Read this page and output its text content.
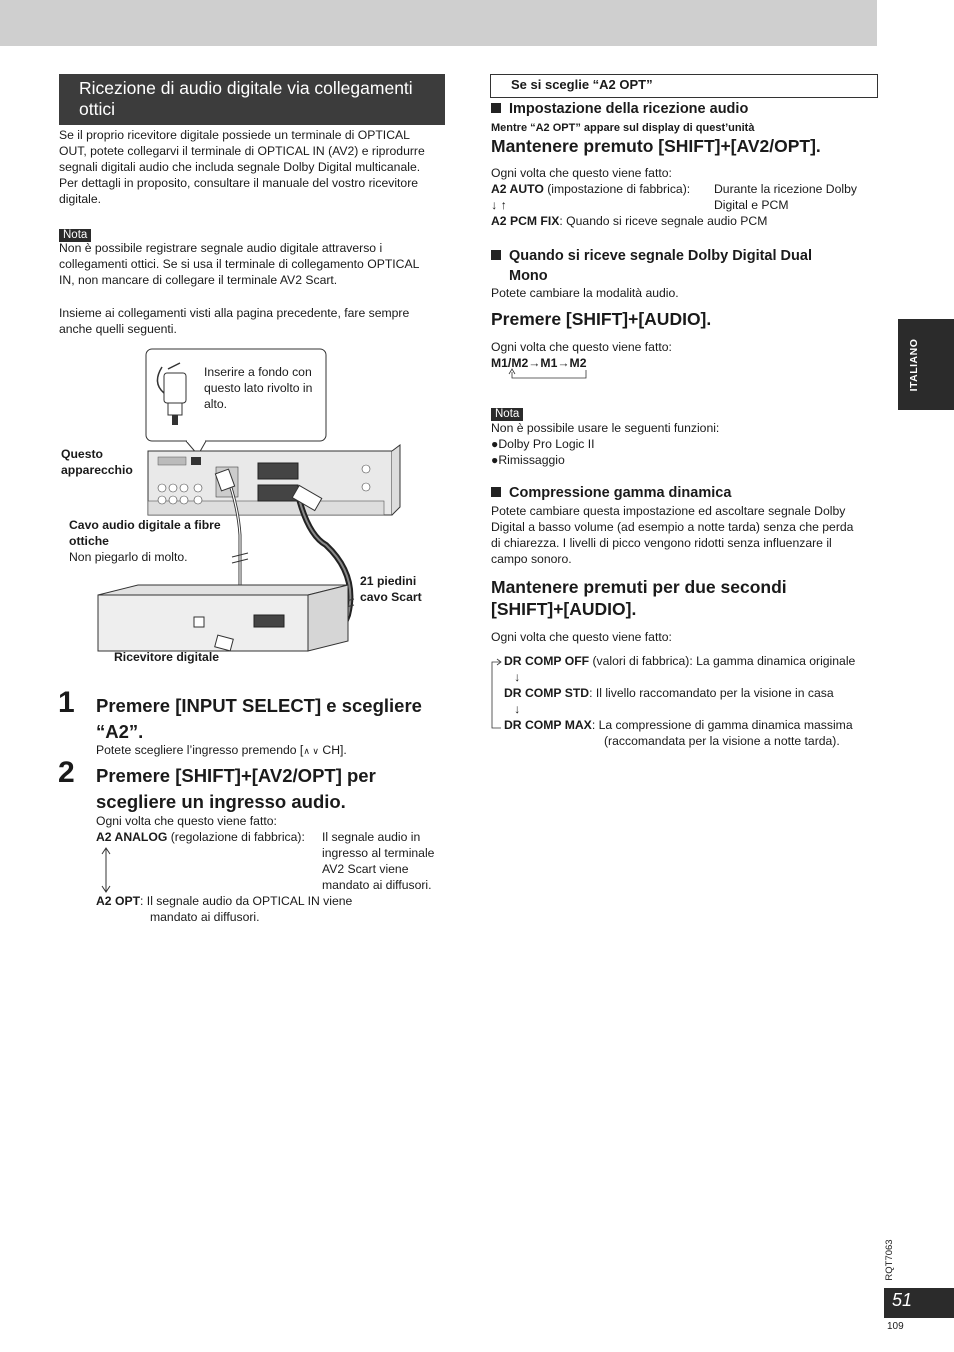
Ricezione di audio digitale via collegamenti ottici

Se il proprio ricevitore digitale possiede un terminale di OPTICAL

OUT, potete collegarvi il terminale di OPTICAL IN (AV2) e riprodurre

segnali digitali audio che includa segnale Dolby Digital multicanale.

Per dettagli in proposito, consultare il manuale del vostro ricevitore

digitale.

Nota

Non è possibile registrare segnale audio digitale attraverso i

collegamenti ottici. Se si usa il terminale di collegamento OPTICAL

IN, non mancare di collegare il terminale AV2 Scart.

Insieme ai collegamenti visti alla pagina precedente, fare sempre

anche quelli seguenti.

Inserire a fondo con

questo lato rivolto in

alto.

Questo

apparecchio

Cavo audio digitale a fibre

ottiche

Non piegarlo di molto.

21 piedini

cavo Scart

Ricevitore digitale
1 Premere [INPUT SELECT] e scegliere

“A2”.

Potete scegliere l’ingresso premendo [∧ ∨ CH].
2 Premere [SHIFT]+[AV2/OPT] per

scegliere un ingresso audio.

Ogni volta che questo viene fatto:
A2 ANALOG (regolazione di fabbrica): Il segnale audio in

ingresso al terminale

AV2 Scart viene

mandato ai diffusori.

A2 OPT: Il segnale audio da OPTICAL IN viene
mandato ai diffusori.
Se si sceglie “A2 OPT”
Impostazione della ricezione audio
Mentre “A2 OPT” appare sul display di quest’unità
Mantenere premuto [SHIFT]+[AV2/OPT].
Ogni volta che questo viene fatto:
A2 AUTO (impostazione di fabbrica): Durante la ricezione Dolby

Digital e PCM

↓ ↑
A2 PCM FIX: Quando si riceve segnale audio PCM
Quando si riceve segnale Dolby Digital Dual
Mono
Potete cambiare la modalità audio.
Premere [SHIFT]+[AUDIO].
Ogni volta che questo viene fatto:
M1/M2→M1→M2
Nota

Non è possibile usare le seguenti funzioni:

●Dolby Pro Logic II

●Rimissaggio

Compressione gamma dinamica

Potete cambiare questa impostazione ed ascoltare segnale Dolby

Digital a basso volume (ad esempio a notte tarda) senza che perda

di chiarezza. I livelli di picco vengono ridotti senza influenzare il

campo sonoro.

Mantenere premuti per due secondi

[SHIFT]+[AUDIO].

Ogni volta che questo viene fatto:
DR COMP OFF (valori di fabbrica): La gamma dinamica originale
↓
DR COMP STD: Il livello raccomandato per la visione in casa
↓
DR COMP MAX: La compressione di gamma dinamica massima
(raccomandata per la visione a notte tarda).
ITALIANO
RQT7063
51
109
